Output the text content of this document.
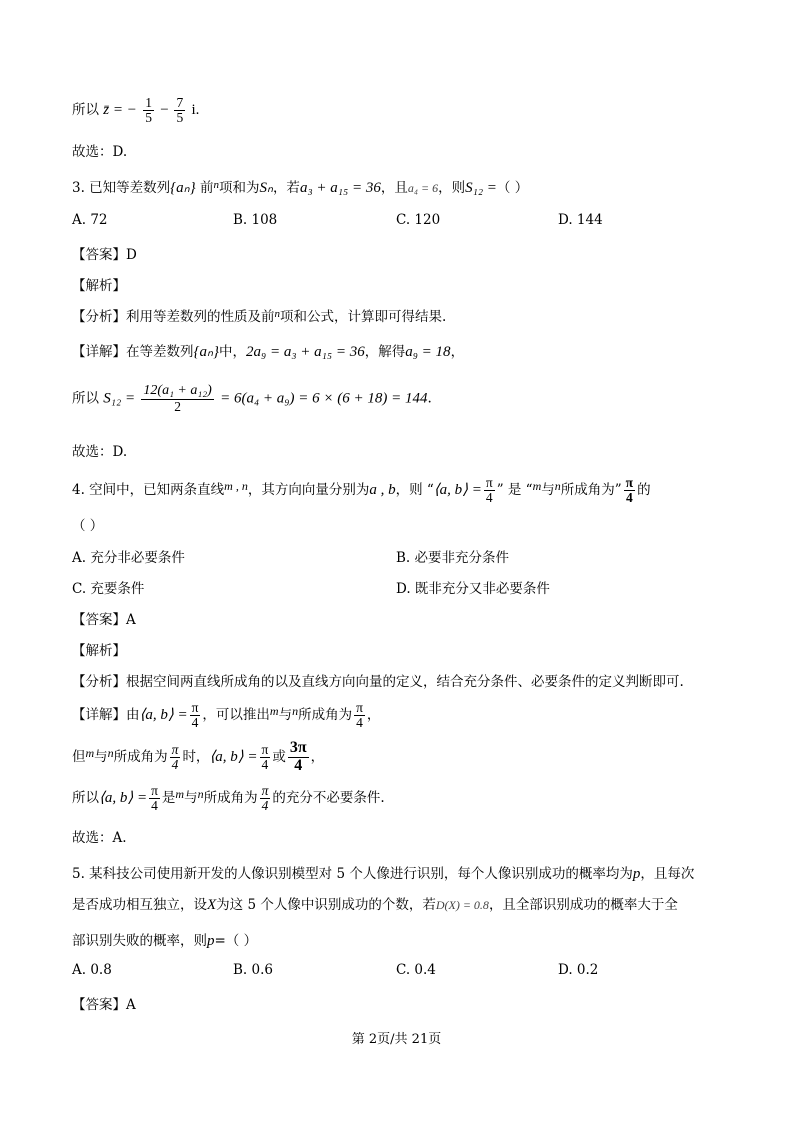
所以 z̄ = − $\frac{1}{5} - \frac{7}{5} i$.
故选：D.
3. 已知等差数列{aₙ} 前$^n$项和为Sₙ，若a₃ + a₁₅ = 36，且a₄ = 6，则S₁₂ =（ ）
A. 72	B. 108	C. 120	D. 144
【答案】D
【解析】
【分析】利用等差数列的性质及前$^n$项和公式，计算即可得结果.
【详解】在等差数列{aₙ}中，2a₉ = a₃ + a₁₅ = 36，解得a₉ = 18，
所以 $S_{12} = \frac{\text{12(a₁ + a₁₂)}}{2} = 6(a_4 + a_9) = 6 \times (6 + 18) = 144$.
故选：D.
4. 空间中，已知两条直线m , n，其方向向量分别为a , b，则 “⟨a, b⟩ = $\frac{\pi}{4}$ ” 是 “m与n所成角为” $\frac{\pi}{4}$ 的
（ ）
A. 充分非必要条件	B. 必要非充分条件
C. 充要条件	D. 既非充分又非必要条件
【答案】A
【解析】
【分析】根据空间两直线所成角的以及直线方向向量的定义，结合充分条件、必要条件的定义判断即可.
【详解】由⟨a, b⟩ = $\frac{\pi}{4}$ ，可以推出m与n所成角为 $\frac{\pi}{4}$ ，
但m与n所成角为 $\frac{\pi}{4}$ 时，⟨a, b⟩ = $\frac{\pi}{4}$ 或 $\frac{3\pi}{4}$ ，
所以⟨a, b⟩ = $\frac{\pi}{4}$ 是m与n所成角为 $\frac{\pi}{4}$ 的充分不必要条件.
故选：A.
5. 某科技公司使用新开发的人像识别模型对 5 个人像进行识别，每个人像识别成功的概率均为p，且每次
是否成功相互独立，设X为这 5 个人像中识别成功的个数，若D(X) = 0.8，且全部识别成功的概率大于全
部识别失败的概率，则p=（ ）
A. 0.8	B. 0.6	C. 0.4	D. 0.2
【答案】A
第 2页/共 21页
